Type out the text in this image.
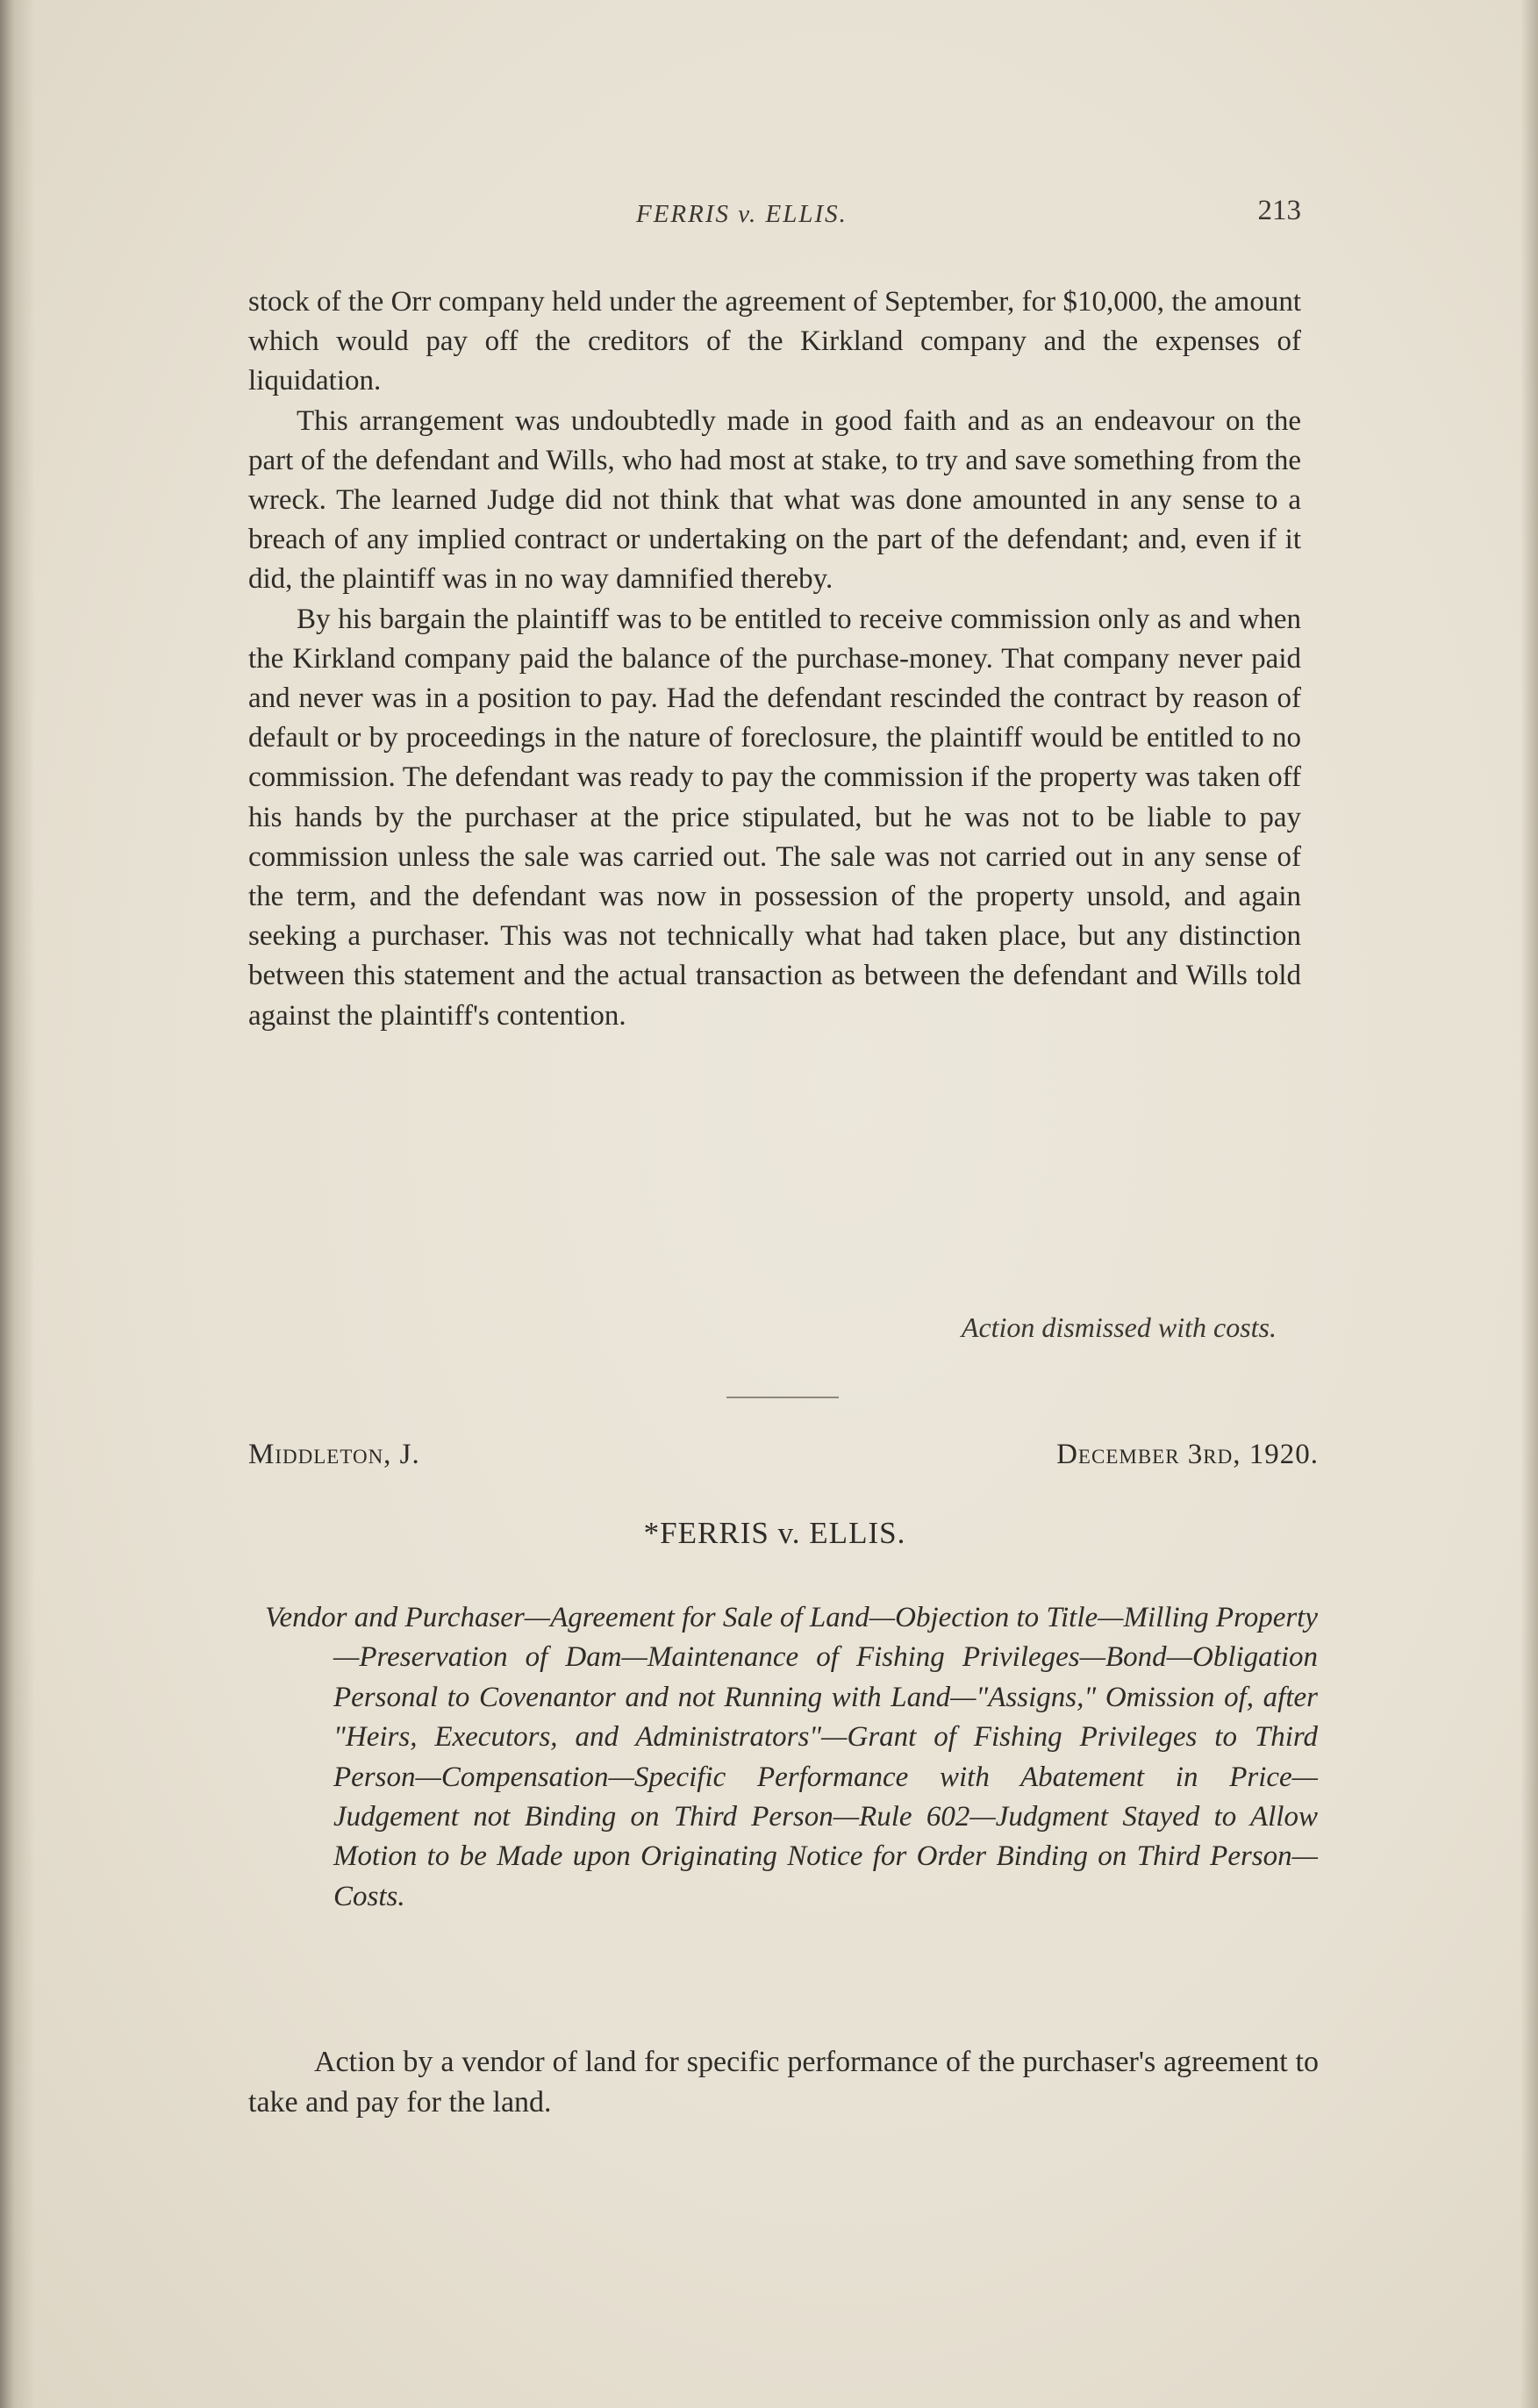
FERRIS v. ELLIS.	213

stock of the Orr company held under the agreement of September, for $10,000, the amount which would pay off the creditors of the Kirkland company and the expenses of liquidation.

This arrangement was undoubtedly made in good faith and as an endeavour on the part of the defendant and Wills, who had most at stake, to try and save something from the wreck. The learned Judge did not think that what was done amounted in any sense to a breach of any implied contract or undertaking on the part of the defendant; and, even if it did, the plaintiff was in no way damnified thereby.

By his bargain the plaintiff was to be entitled to receive commission only as and when the Kirkland company paid the balance of the purchase-money. That company never paid and never was in a position to pay. Had the defendant rescinded the contract by reason of default or by proceedings in the nature of foreclosure, the plaintiff would be entitled to no commission. The defendant was ready to pay the commission if the property was taken off his hands by the purchaser at the price stipulated, but he was not to be liable to pay commission unless the sale was carried out. The sale was not carried out in any sense of the term, and the defendant was now in possession of the property unsold, and again seeking a purchaser. This was not technically what had taken place, but any distinction between this statement and the actual transaction as between the defendant and Wills told against the plaintiff's contention.

Action dismissed with costs.
Middleton, J.	December 3rd, 1920.
*FERRIS v. ELLIS.
Vendor and Purchaser—Agreement for Sale of Land—Objection to Title—Milling Property—Preservation of Dam—Maintenance of Fishing Privileges—Bond—Obligation Personal to Covenantor and not Running with Land—"Assigns," Omission of, after "Heirs, Executors, and Administrators"—Grant of Fishing Privileges to Third Person—Compensation—Specific Performance with Abatement in Price—Judgement not Binding on Third Person—Rule 602—Judgment Stayed to Allow Motion to be Made upon Originating Notice for Order Binding on Third Person—Costs.
Action by a vendor of land for specific performance of the purchaser's agreement to take and pay for the land.
